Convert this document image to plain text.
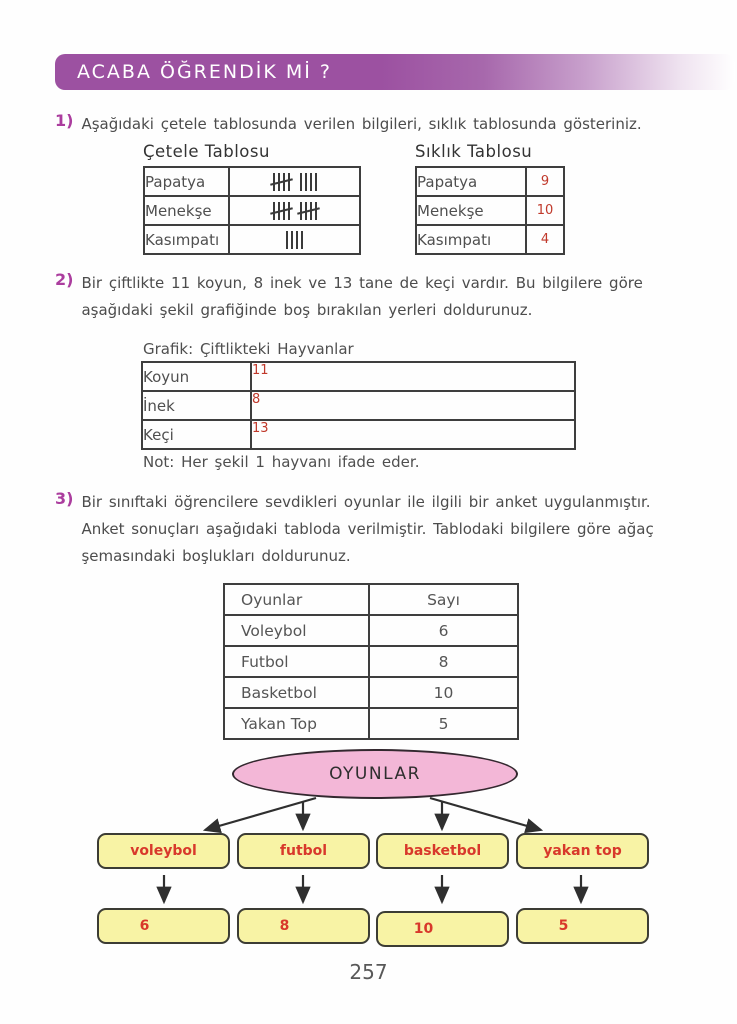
ACABA ÖĞRENDİK Mİ ?
1) Aşağıdaki çetele tablosunda verilen bilgileri, sıklık tablosunda gösteriniz.
Çetele Tablosu
Papatya	

Menekşe	

Kasımpatı	
Sıklık Tablosu
Papatya	9
Menekşe	10
Kasımpatı	4
2) Bir çiftlikte 11 koyun, 8 inek ve 13 tane de keçi vardır. Bu bilgilere göre
aşağıdaki şekil grafiğinde boş bırakılan yerleri doldurunuz.
Grafik: Çiftlikteki Hayvanlar
Koyun	11
İnek	8
Keçi	13
Not: Her şekil 1 hayvanı ifade eder.
3) Bir sınıftaki öğrencilere sevdikleri oyunlar ile ilgili bir anket uygulanmıştır.
Anket sonuçları aşağıdaki tabloda verilmiştir. Tablodaki bilgilere göre ağaç
şemasındaki boşlukları doldurunuz.
Oyunlar	Sayı
Voleybol	6
Futbol	8
Basketbol	10
Yakan Top	5
OYUNLAR
voleybol
6
futbol
8
basketbol
10
yakan top
5
257
